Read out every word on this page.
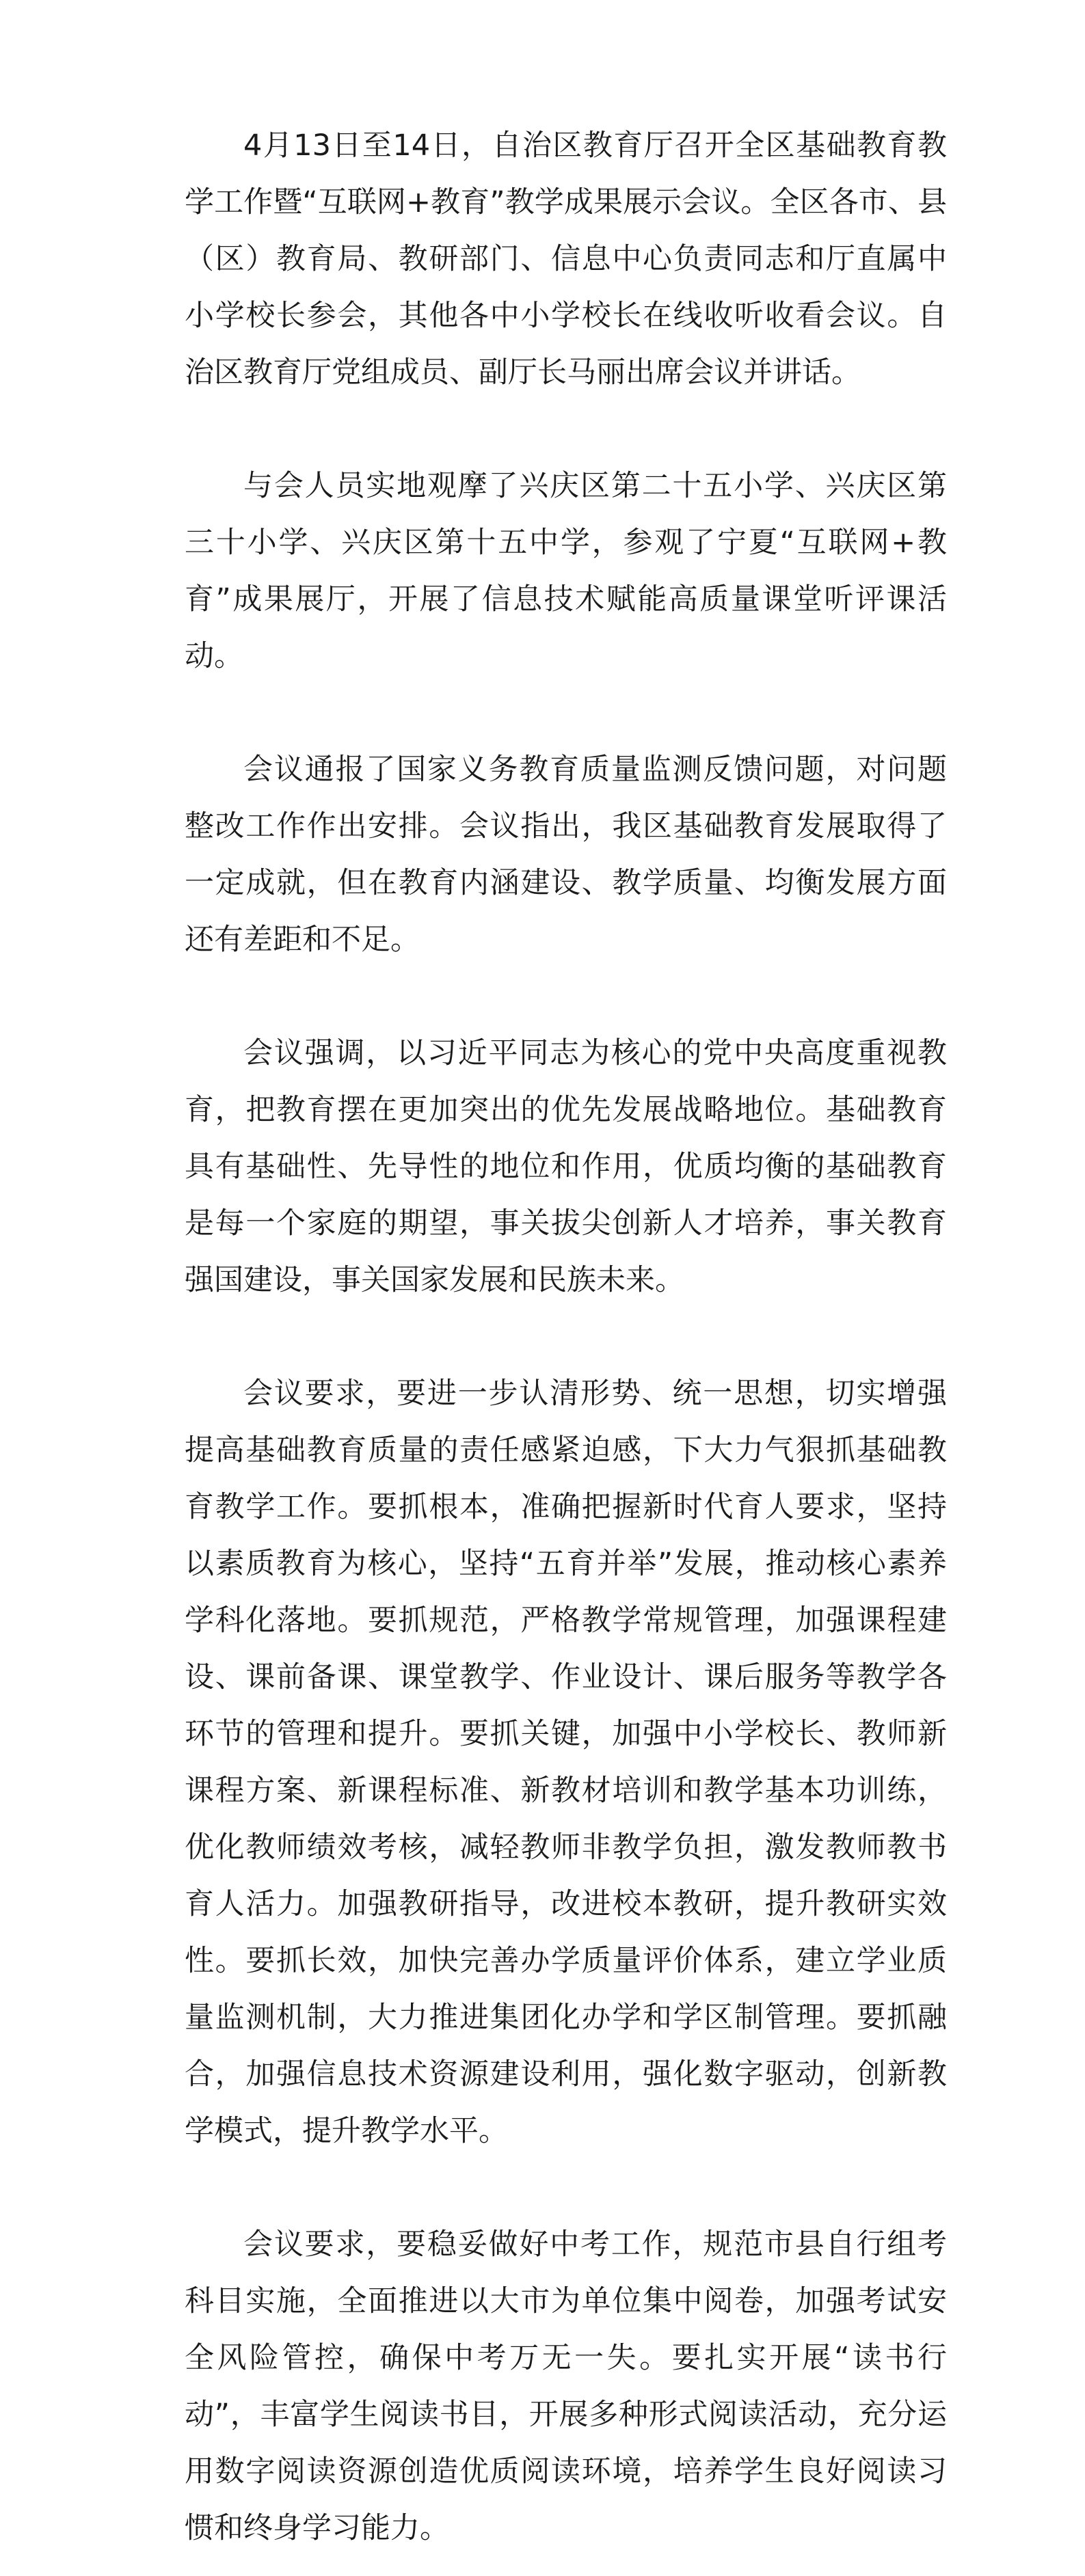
4月13日至14日，自治区教育厅召开全区基础教育教学工作暨“互联网+教育”教学成果展示会议。全区各市、县（区）教育局、教研部门、信息中心负责同志和厅直属中小学校长参会，其他各中小学校长在线收听收看会议。自治区教育厅党组成员、副厅长马丽出席会议并讲话。

与会人员实地观摩了兴庆区第二十五小学、兴庆区第三十小学、兴庆区第十五中学，参观了宁夏“互联网+教育”成果展厅，开展了信息技术赋能高质量课堂听评课活动。

会议通报了国家义务教育质量监测反馈问题，对问题整改工作作出安排。会议指出，我区基础教育发展取得了一定成就，但在教育内涵建设、教学质量、均衡发展方面还有差距和不足。

会议强调，以习近平同志为核心的党中央高度重视教育，把教育摆在更加突出的优先发展战略地位。基础教育具有基础性、先导性的地位和作用，优质均衡的基础教育是每一个家庭的期望，事关拔尖创新人才培养，事关教育强国建设，事关国家发展和民族未来。

会议要求，要进一步认清形势、统一思想，切实增强提高基础教育质量的责任感紧迫感，下大力气狠抓基础教育教学工作。要抓根本，准确把握新时代育人要求，坚持以素质教育为核心，坚持“五育并举”发展，推动核心素养学科化落地。要抓规范，严格教学常规管理，加强课程建设、课前备课、课堂教学、作业设计、课后服务等教学各环节的管理和提升。要抓关键，加强中小学校长、教师新课程方案、新课程标准、新教材培训和教学基本功训练，优化教师绩效考核，减轻教师非教学负担，激发教师教书育人活力。加强教研指导，改进校本教研，提升教研实效性。要抓长效，加快完善办学质量评价体系，建立学业质量监测机制，大力推进集团化办学和学区制管理。要抓融合，加强信息技术资源建设利用，强化数字驱动，创新教学模式，提升教学水平。

会议要求，要稳妥做好中考工作，规范市县自行组考科目实施，全面推进以大市为单位集中阅卷，加强考试安全风险管控，确保中考万无一失。要扎实开展“读书行动”，丰富学生阅读书目，开展多种形式阅读活动，充分运用数字阅读资源创造优质阅读环境，培养学生良好阅读习惯和终身学习能力。
